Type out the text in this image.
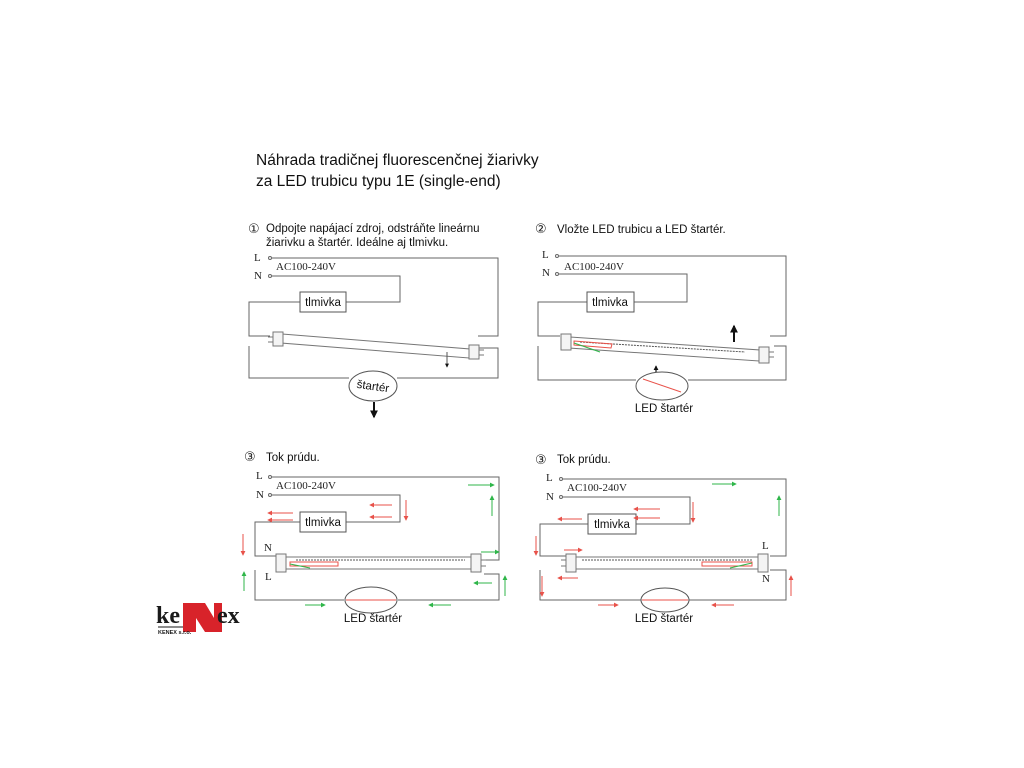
Náhrada tradičnej fluorescenčnej žiarivky
za LED trubicu typu 1E (single-end)
① Odpojte napájací zdroj, odstráňte lineárnu
žiarivku a štartér. Ideálne aj tlmivku.
L
N
AC100-240V
tlmivka
štartér
② Vložte LED trubicu a LED štartér.
L
N AC100-240V
tlmivka
LED štartér
③ Tok prúdu.
L
N
AC100-240V
tlmivka
N
L
LED štartér
③ Tok prúdu.
L
N
AC100-240V
tlmivka
L
N
LED štartér
ke ex
KENEX s.r.o.
